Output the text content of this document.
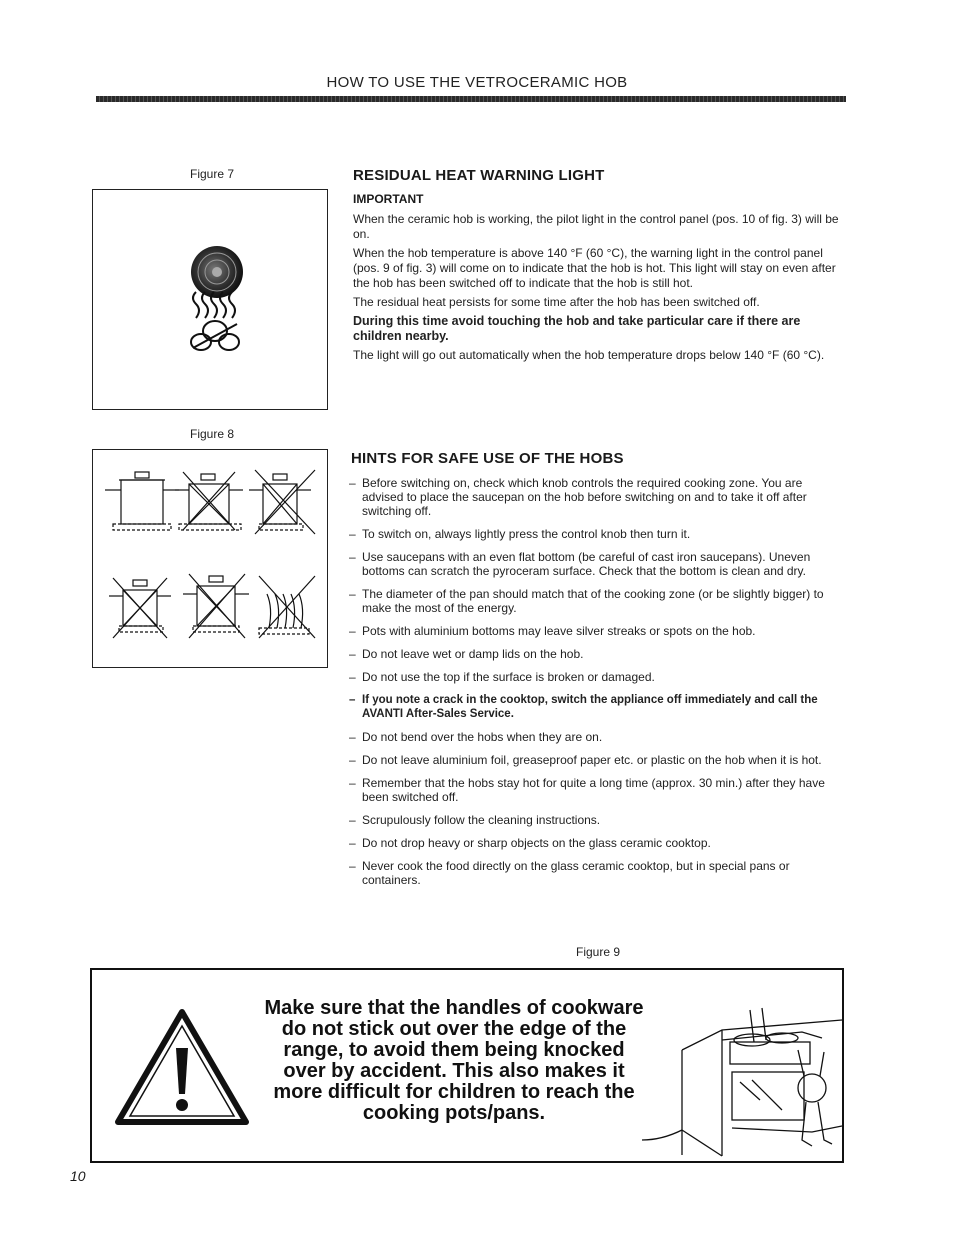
HOW TO USE THE VETROCERAMIC HOB
Figure 7	RESIDUAL HEAT WARNING LIGHT
IMPORTANT

When the ceramic hob is working, the pilot light in the control panel (pos. 10 of fig. 3) will be on.

When the hob temperature is above 140 °F (60 °C), the warning light in the control panel (pos. 9 of fig. 3) will come on to indicate that the hob is hot. This light will stay on even after the hob has been switched off to indicate that the hob is still hot.

The residual heat persists for some time after the hob has been switched off.

During this time avoid touching the hob and take particular care if there are children nearby.

The light will go out automatically when the hob temperature drops below 140 °F (60 °C).

Figure 8
HINTS FOR SAFE USE OF THE HOBS
– Before switching on, check which knob controls the required cooking zone. You are advised to place the saucepan on the hob before switching on and to take it off after switching off.
– To switch on, always lightly press the control knob then turn it.
– Use saucepans with an even flat bottom (be careful of cast iron saucepans). Uneven bottoms can scratch the pyroceram surface. Check that the bottom is clean and dry.
– The diameter of the pan should match that of the cooking zone (or be slightly bigger) to make the most of the energy.
– Pots with aluminium bottoms may leave silver streaks or spots on the hob.
– Do not leave wet or damp lids on the hob.
– Do not use the top if the surface is broken or damaged.
– If you note a crack in the cooktop, switch the appliance off immediately and call the AVANTI After-Sales Service.
– Do not bend over the hobs when they are on.
– Do not leave aluminium foil, greaseproof paper etc. or plastic on the hob when it is hot.
– Remember that the hobs stay hot for quite a long time (approx. 30 min.) after they have been switched off.
– Scrupulously follow the cleaning instructions.
– Do not drop heavy or sharp objects on the glass ceramic cooktop.
– Never cook the food directly on the glass ceramic cooktop, but in special pans or containers.
Figure 9
Make sure that the handles of cookware
do not stick out over the edge of the
range, to avoid them being knocked
over by accident. This also makes it
more difficult for children to reach the
cooking pots/pans.
10
